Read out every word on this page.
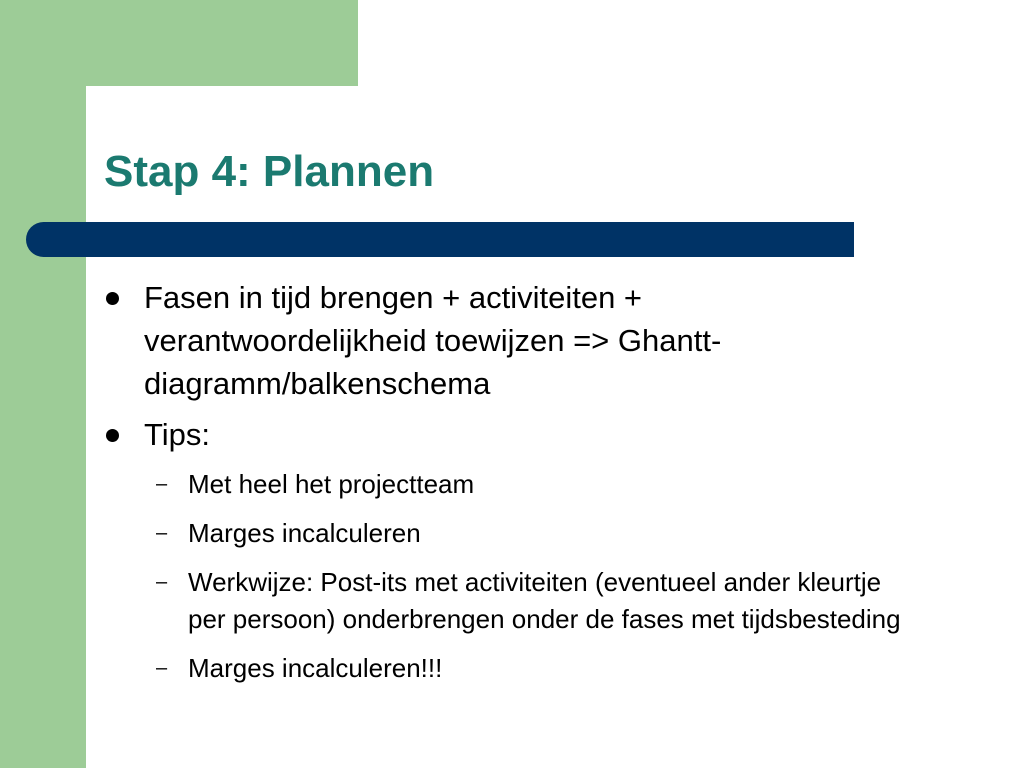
Stap 4: Plannen
Fasen in tijd brengen + activiteiten + verantwoordelijkheid toewijzen => Ghantt-diagramm/balkenschema
Tips:
– Met heel het projectteam
– Marges incalculeren
– Werkwijze: Post-its met activiteiten (eventueel ander kleurtje per persoon) onderbrengen onder de fases met tijdsbesteding
– Marges incalculeren!!!
